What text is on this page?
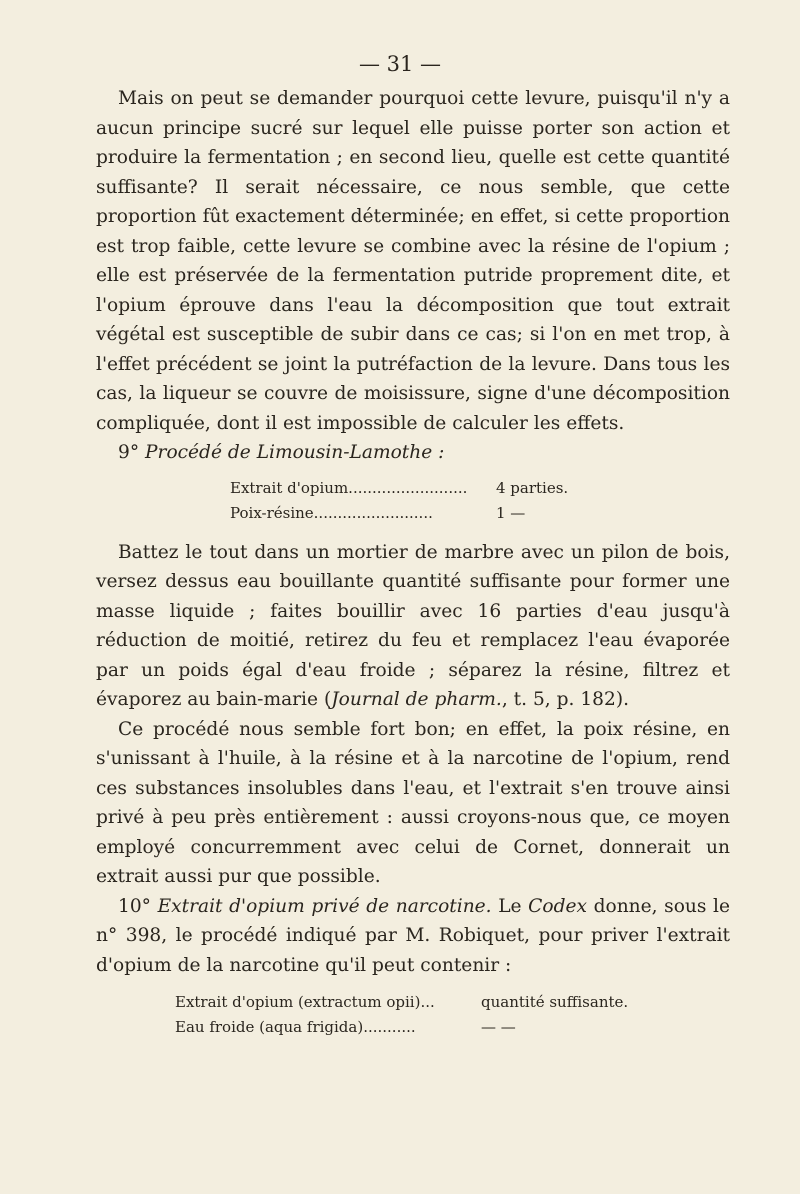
— 31 —

Mais on peut se demander pourquoi cette levure, puisqu'il n'y a aucun principe sucré sur lequel elle puisse porter son action et produire la fermentation ; en second lieu, quelle est cette quantité suffisante? Il serait nécessaire, ce nous semble, que cette proportion fût exactement déterminée; en effet, si cette proportion est trop faible, cette levure se combine avec la résine de l'opium ; elle est préservée de la fermentation putride proprement dite, et l'opium éprouve dans l'eau la décomposition que tout extrait végétal est susceptible de subir dans ce cas; si l'on en met trop, à l'effet précédent se joint la putréfaction de la levure. Dans tous les cas, la liqueur se couvre de moisissure, signe d'une décomposition compliquée, dont il est impossible de calculer les effets.

9° Procédé de Limousin-Lamothe :

Extrait d'opium.........................	4 parties.
Poix-résine.........................	1 —

Battez le tout dans un mortier de marbre avec un pilon de bois, versez dessus eau bouillante quantité suffisante pour former une masse liquide ; faites bouillir avec 16 parties d'eau jusqu'à réduction de moitié, retirez du feu et remplacez l'eau évaporée par un poids égal d'eau froide ; séparez la résine, filtrez et évaporez au bain-marie (Journal de pharm., t. 5, p. 182).

Ce procédé nous semble fort bon; en effet, la poix résine, en s'unissant à l'huile, à la résine et à la narcotine de l'opium, rend ces substances insolubles dans l'eau, et l'extrait s'en trouve ainsi privé à peu près entièrement : aussi croyons-nous que, ce moyen employé concurremment avec celui de Cornet, donnerait un extrait aussi pur que possible.

10° Extrait d'opium privé de narcotine. Le Codex donne, sous le n° 398, le procédé indiqué par M. Robiquet, pour priver l'extrait d'opium de la narcotine qu'il peut contenir :

Extrait d'opium (extractum opii)...	quantité suffisante.
Eau froide (aqua frigida)...........	— —
